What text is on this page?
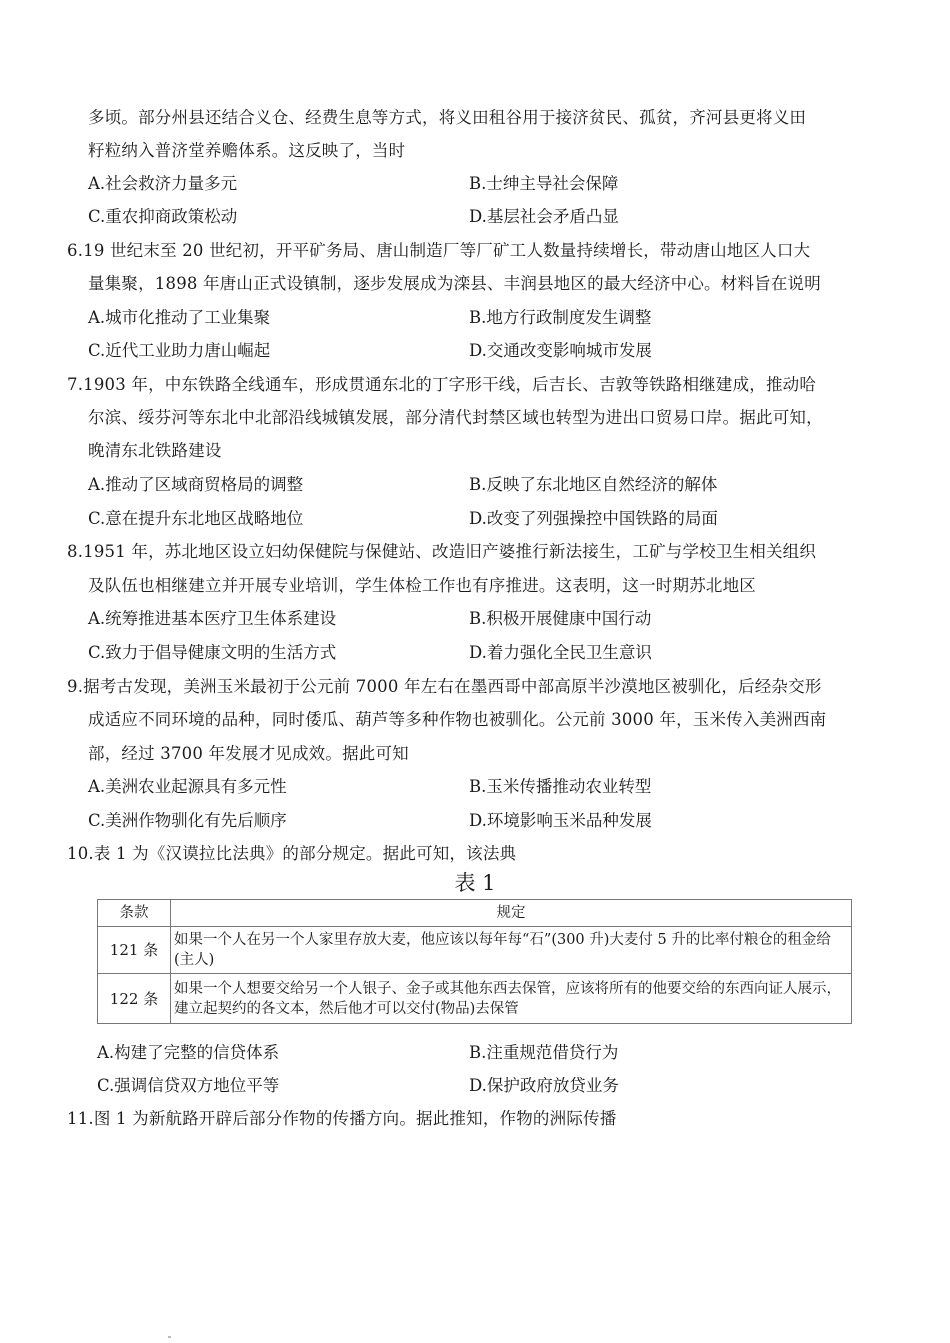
多顷。部分州县还结合义仓、经费生息等方式，将义田租谷用于接济贫民、孤贫，齐河县更将义田
籽粒纳入普济堂养赡体系。这反映了，当时
A.社会救济力量多元	B.士绅主导社会保障
C.重农抑商政策松动	D.基层社会矛盾凸显
6.19 世纪末至 20 世纪初，开平矿务局、唐山制造厂等厂矿工人数量持续增长，带动唐山地区人口大
量集聚，1898 年唐山正式设镇制，逐步发展成为滦县、丰润县地区的最大经济中心。材料旨在说明
A.城市化推动了工业集聚	B.地方行政制度发生调整
C.近代工业助力唐山崛起	D.交通改变影响城市发展
7.1903 年，中东铁路全线通车，形成贯通东北的丁字形干线，后吉长、吉敦等铁路相继建成，推动哈
尔滨、绥芬河等东北中北部沿线城镇发展，部分清代封禁区域也转型为进出口贸易口岸。据此可知，
晚清东北铁路建设
A.推动了区域商贸格局的调整	B.反映了东北地区自然经济的解体
C.意在提升东北地区战略地位	D.改变了列强操控中国铁路的局面
8.1951 年，苏北地区设立妇幼保健院与保健站、改造旧产婆推行新法接生，工矿与学校卫生相关组织
及队伍也相继建立并开展专业培训，学生体检工作也有序推进。这表明，这一时期苏北地区
A.统筹推进基本医疗卫生体系建设	B.积极开展健康中国行动
C.致力于倡导健康文明的生活方式	D.着力强化全民卫生意识
9.据考古发现，美洲玉米最初于公元前 7000 年左右在墨西哥中部高原半沙漠地区被驯化，后经杂交形
成适应不同环境的品种，同时倭瓜、葫芦等多种作物也被驯化。公元前 3000 年，玉米传入美洲西南
部，经过 3700 年发展才见成效。据此可知
A.美洲农业起源具有多元性	B.玉米传播推动农业转型
C.美洲作物驯化有先后顺序	D.环境影响玉米品种发展
10.表 1 为《汉谟拉比法典》的部分规定。据此可知，该法典
表 1
条款	规定
121 条	如果一个人在另一个人家里存放大麦，他应该以每年每“石”(300 升)大麦付 5 升的比率付粮仓的租金给(主人)
122 条	如果一个人想要交给另一个人银子、金子或其他东西去保管，应该将所有的他要交给的东西向证人展示，建立起契约的各文本，然后他才可以交付(物品)去保管
A.构建了完整的信贷体系	B.注重规范借贷行为
C.强调信贷双方地位平等	D.保护政府放贷业务
11.图 1 为新航路开辟后部分作物的传播方向。据此推知，作物的洲际传播
